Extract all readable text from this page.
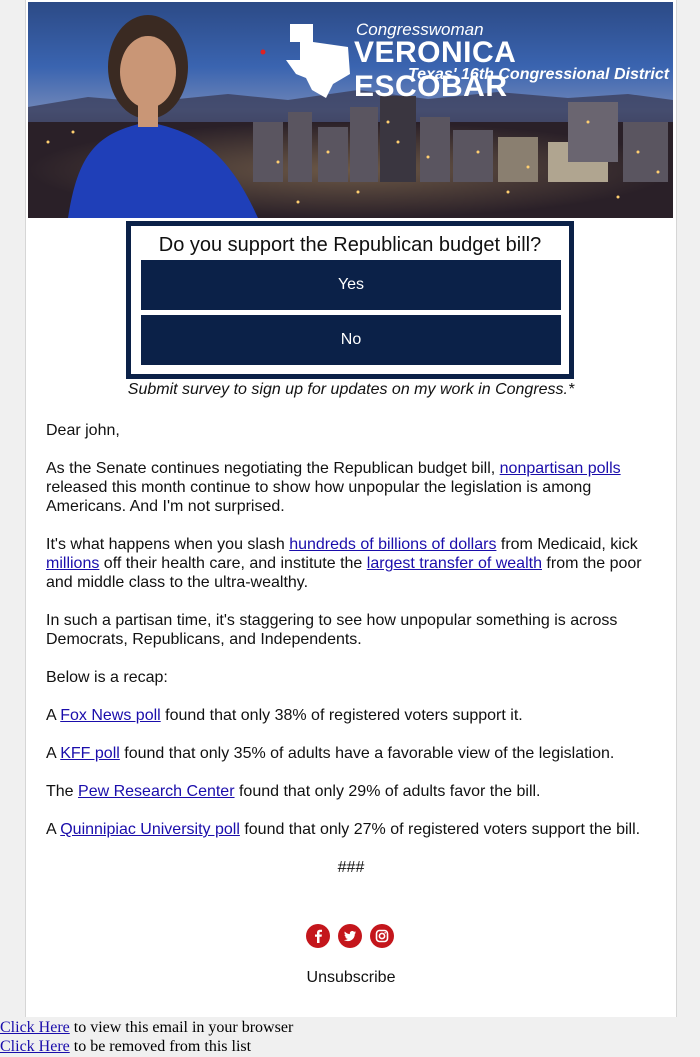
Congresswoman
VERONICA ESCOBAR
Texas' 16th Congressional District
Do you support the Republican budget bill?
Yes
No
Submit survey to sign up for updates on my work in Congress.*

Dear john,

As the Senate continues negotiating the Republican budget bill, nonpartisan polls released this month continue to show how unpopular the legislation is among Americans. And I'm not surprised.

It's what happens when you slash hundreds of billions of dollars from Medicaid, kick millions off their health care, and institute the largest transfer of wealth from the poor and middle class to the ultra-wealthy.

In such a partisan time, it's staggering to see how unpopular something is across Democrats, Republicans, and Independents.

Below is a recap:

A Fox News poll found that only 38% of registered voters support it.

A KFF poll found that only 35% of adults have a favorable view of the legislation.

The Pew Research Center found that only 29% of adults favor the bill.

A Quinnipiac University poll found that only 27% of registered voters support the bill.

###

Unsubscribe
Click Here to view this email in your browser
Click Here to be removed from this list
